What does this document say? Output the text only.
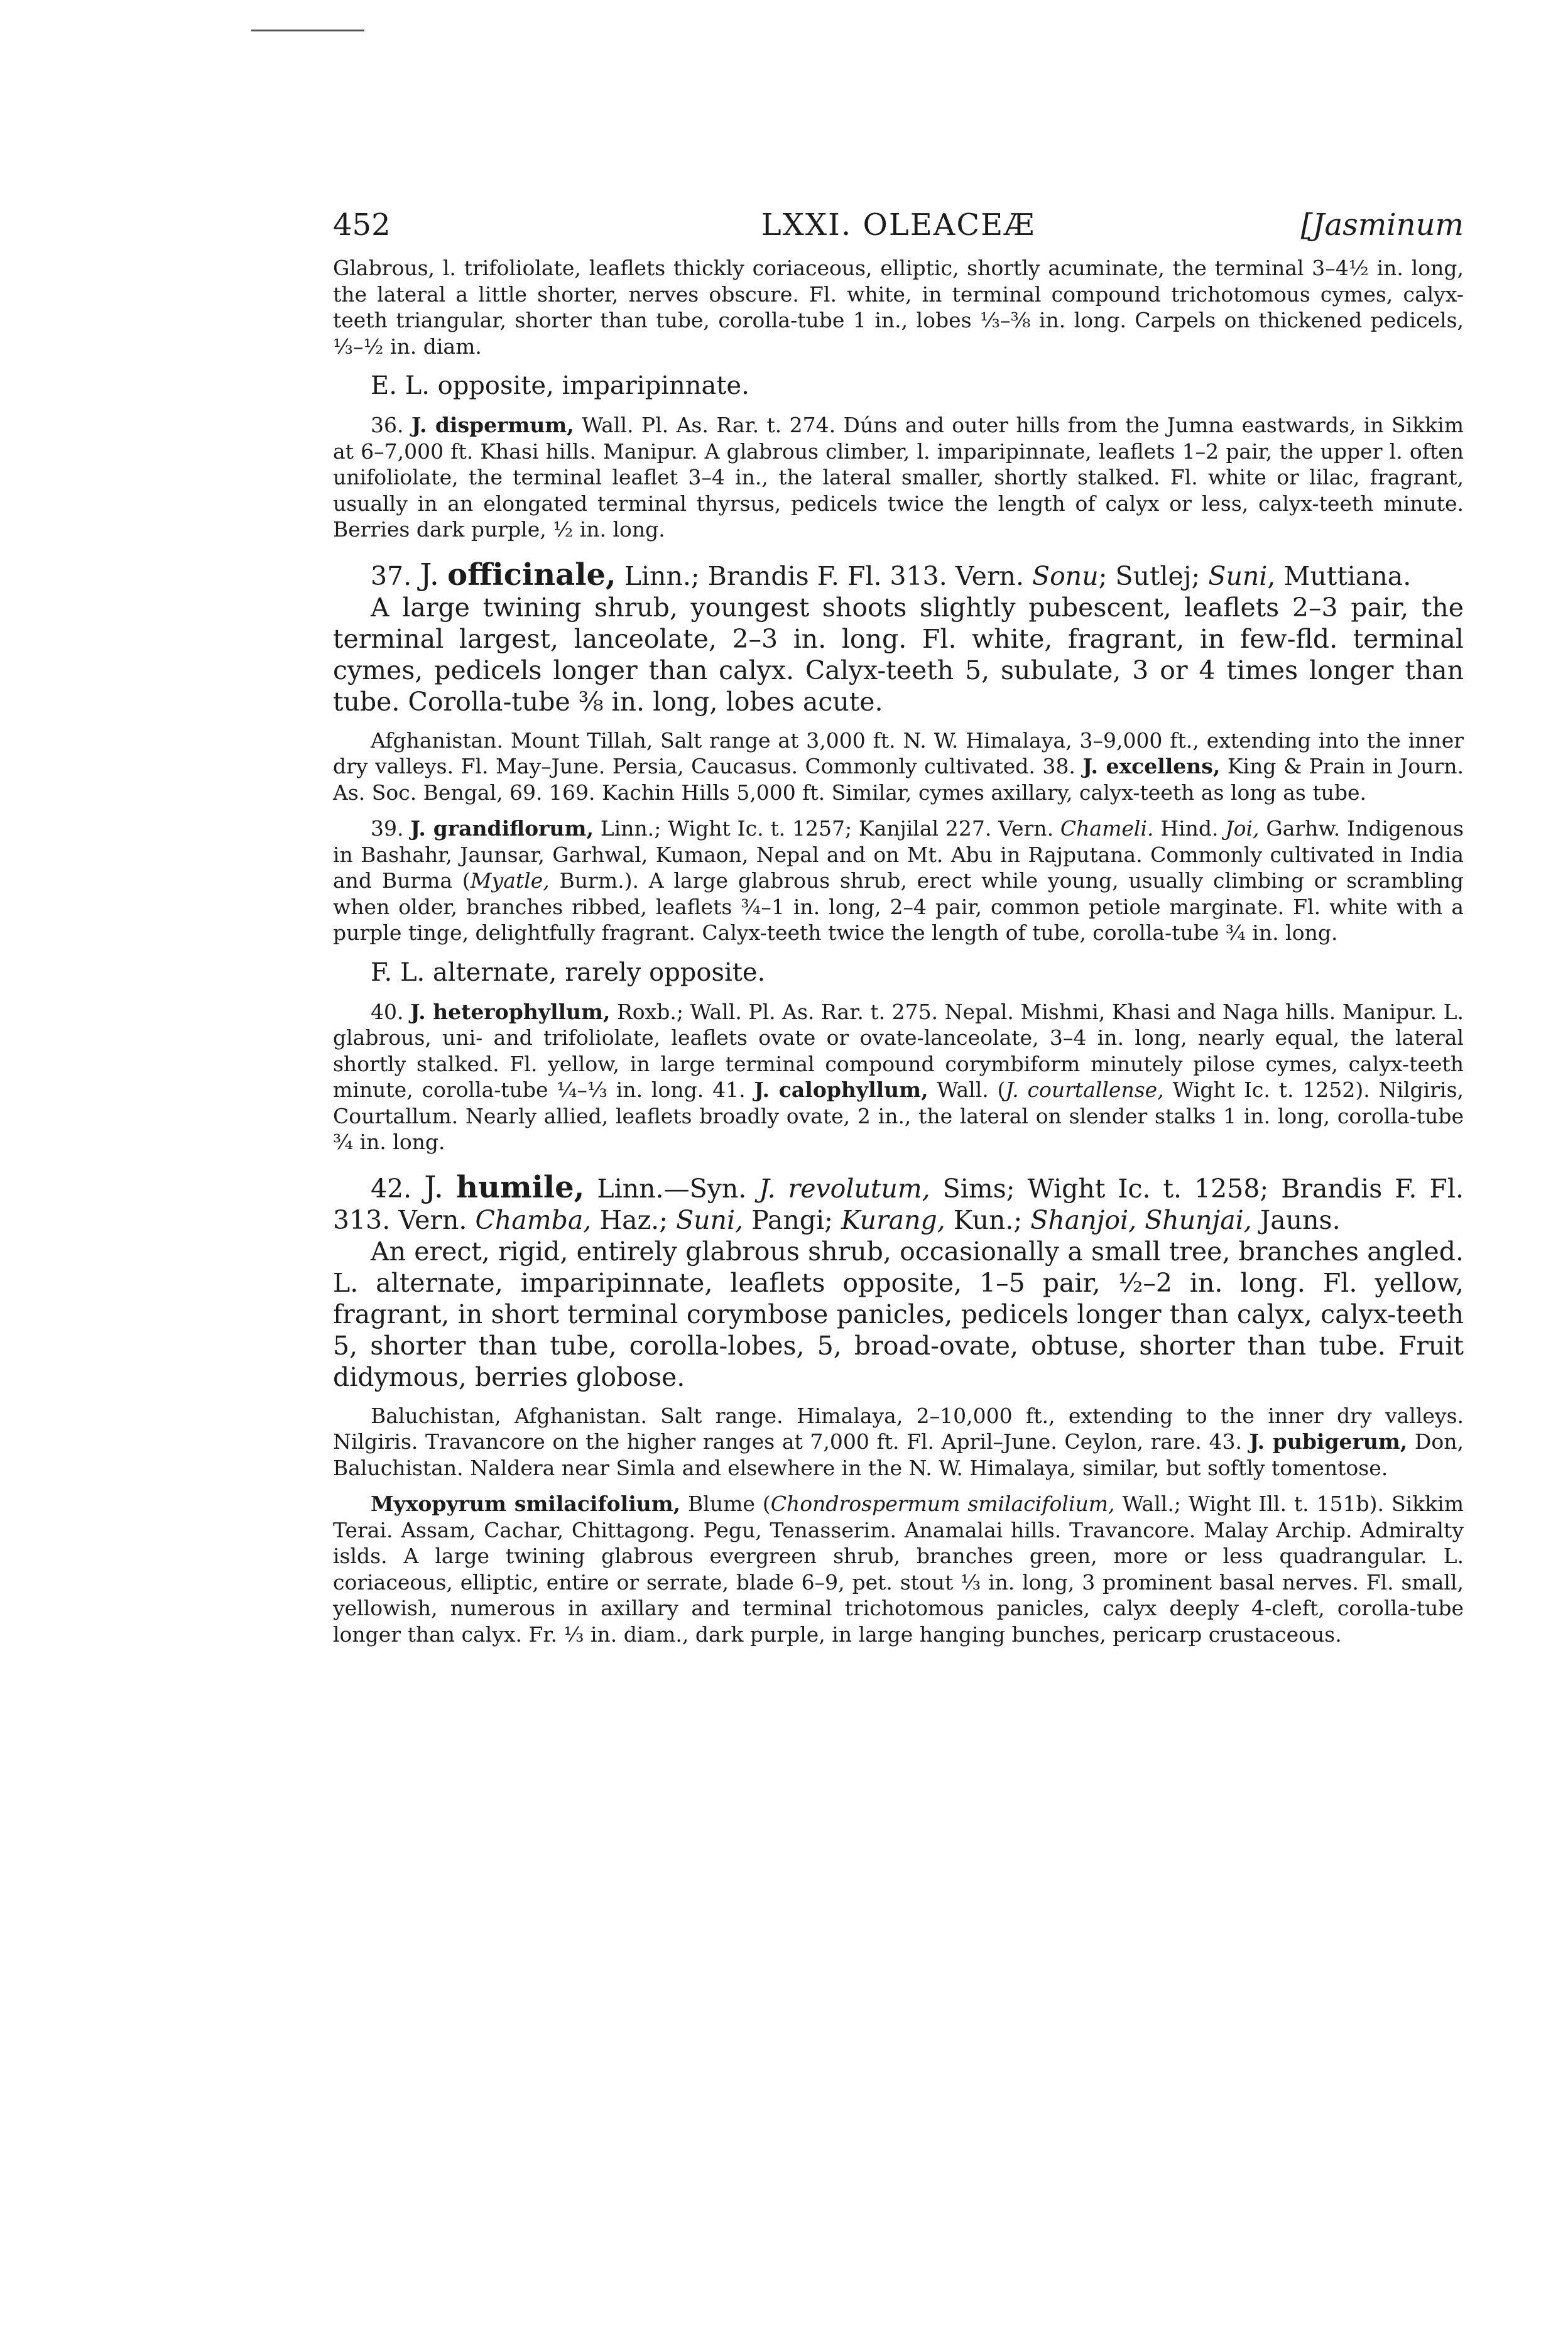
452	LXXI. OLEACEÆ	[Jasminum

Glabrous, l. trifoliolate, leaflets thickly coriaceous, elliptic, shortly acuminate, the terminal 3–4½ in. long, the lateral a little shorter, nerves obscure. Fl. white, in terminal compound trichotomous cymes, calyx-teeth triangular, shorter than tube, corolla-tube 1 in., lobes ⅓–⅜ in. long. Carpels on thickened pedicels, ⅓–½ in. diam.

E. L. opposite, imparipinnate.

36. J. dispermum, Wall. Pl. As. Rar. t. 274. Dúns and outer hills from the Jumna eastwards, in Sikkim at 6–7,000 ft. Khasi hills. Manipur. A glabrous climber, l. imparipinnate, leaflets 1–2 pair, the upper l. often unifoliolate, the terminal leaflet 3–4 in., the lateral smaller, shortly stalked. Fl. white or lilac, fragrant, usually in an elongated terminal thyrsus, pedicels twice the length of calyx or less, calyx-teeth minute. Berries dark purple, ½ in. long.

37. J. officinale, Linn.; Brandis F. Fl. 313. Vern. Sonu; Sutlej; Suni, Muttiana.

A large twining shrub, youngest shoots slightly pubescent, leaflets 2–3 pair, the terminal largest, lanceolate, 2–3 in. long. Fl. white, fragrant, in few-fld. terminal cymes, pedicels longer than calyx. Calyx-teeth 5, subulate, 3 or 4 times longer than tube. Corolla-tube ⅜ in. long, lobes acute.

Afghanistan. Mount Tillah, Salt range at 3,000 ft. N. W. Himalaya, 3–9,000 ft., extending into the inner dry valleys. Fl. May–June. Persia, Caucasus. Commonly cultivated. 38. J. excellens, King & Prain in Journ. As. Soc. Bengal, 69. 169. Kachin Hills 5,000 ft. Similar, cymes axillary, calyx-teeth as long as tube.

39. J. grandiflorum, Linn.; Wight Ic. t. 1257; Kanjilal 227. Vern. Chameli. Hind. Joi, Garhw. Indigenous in Bashahr, Jaunsar, Garhwal, Kumaon, Nepal and on Mt. Abu in Rajputana. Commonly cultivated in India and Burma (Myatle, Burm.). A large glabrous shrub, erect while young, usually climbing or scrambling when older, branches ribbed, leaflets ¾–1 in. long, 2–4 pair, common petiole marginate. Fl. white with a purple tinge, delightfully fragrant. Calyx-teeth twice the length of tube, corolla-tube ¾ in. long.

F. L. alternate, rarely opposite.

40. J. heterophyllum, Roxb.; Wall. Pl. As. Rar. t. 275. Nepal. Mishmi, Khasi and Naga hills. Manipur. L. glabrous, uni- and trifoliolate, leaflets ovate or ovate-lanceolate, 3–4 in. long, nearly equal, the lateral shortly stalked. Fl. yellow, in large terminal compound corymbiform minutely pilose cymes, calyx-teeth minute, corolla-tube ¼–⅓ in. long. 41. J. calophyllum, Wall. (J. courtallense, Wight Ic. t. 1252). Nilgiris, Courtallum. Nearly allied, leaflets broadly ovate, 2 in., the lateral on slender stalks 1 in. long, corolla-tube ¾ in. long.

42. J. humile, Linn.—Syn. J. revolutum, Sims; Wight Ic. t. 1258; Brandis F. Fl. 313. Vern. Chamba, Haz.; Suni, Pangi; Kurang, Kun.; Shanjoi, Shunjai, Jauns.

An erect, rigid, entirely glabrous shrub, occasionally a small tree, branches angled. L. alternate, imparipinnate, leaflets opposite, 1–5 pair, ½–2 in. long. Fl. yellow, fragrant, in short terminal corymbose panicles, pedicels longer than calyx, calyx-teeth 5, shorter than tube, corolla-lobes, 5, broad-ovate, obtuse, shorter than tube. Fruit didymous, berries globose.

Baluchistan, Afghanistan. Salt range. Himalaya, 2–10,000 ft., extending to the inner dry valleys. Nilgiris. Travancore on the higher ranges at 7,000 ft. Fl. April–June. Ceylon, rare. 43. J. pubigerum, Don, Baluchistan. Naldera near Simla and elsewhere in the N. W. Himalaya, similar, but softly tomentose.

Myxopyrum smilacifolium, Blume (Chondrospermum smilacifolium, Wall.; Wight Ill. t. 151b). Sikkim Terai. Assam, Cachar, Chittagong. Pegu, Tenasserim. Anamalai hills. Travancore. Malay Archip. Admiralty islds. A large twining glabrous evergreen shrub, branches green, more or less quadrangular. L. coriaceous, elliptic, entire or serrate, blade 6–9, pet. stout ⅓ in. long, 3 prominent basal nerves. Fl. small, yellowish, numerous in axillary and terminal trichotomous panicles, calyx deeply 4-cleft, corolla-tube longer than calyx. Fr. ⅓ in. diam., dark purple, in large hanging bunches, pericarp crustaceous.
